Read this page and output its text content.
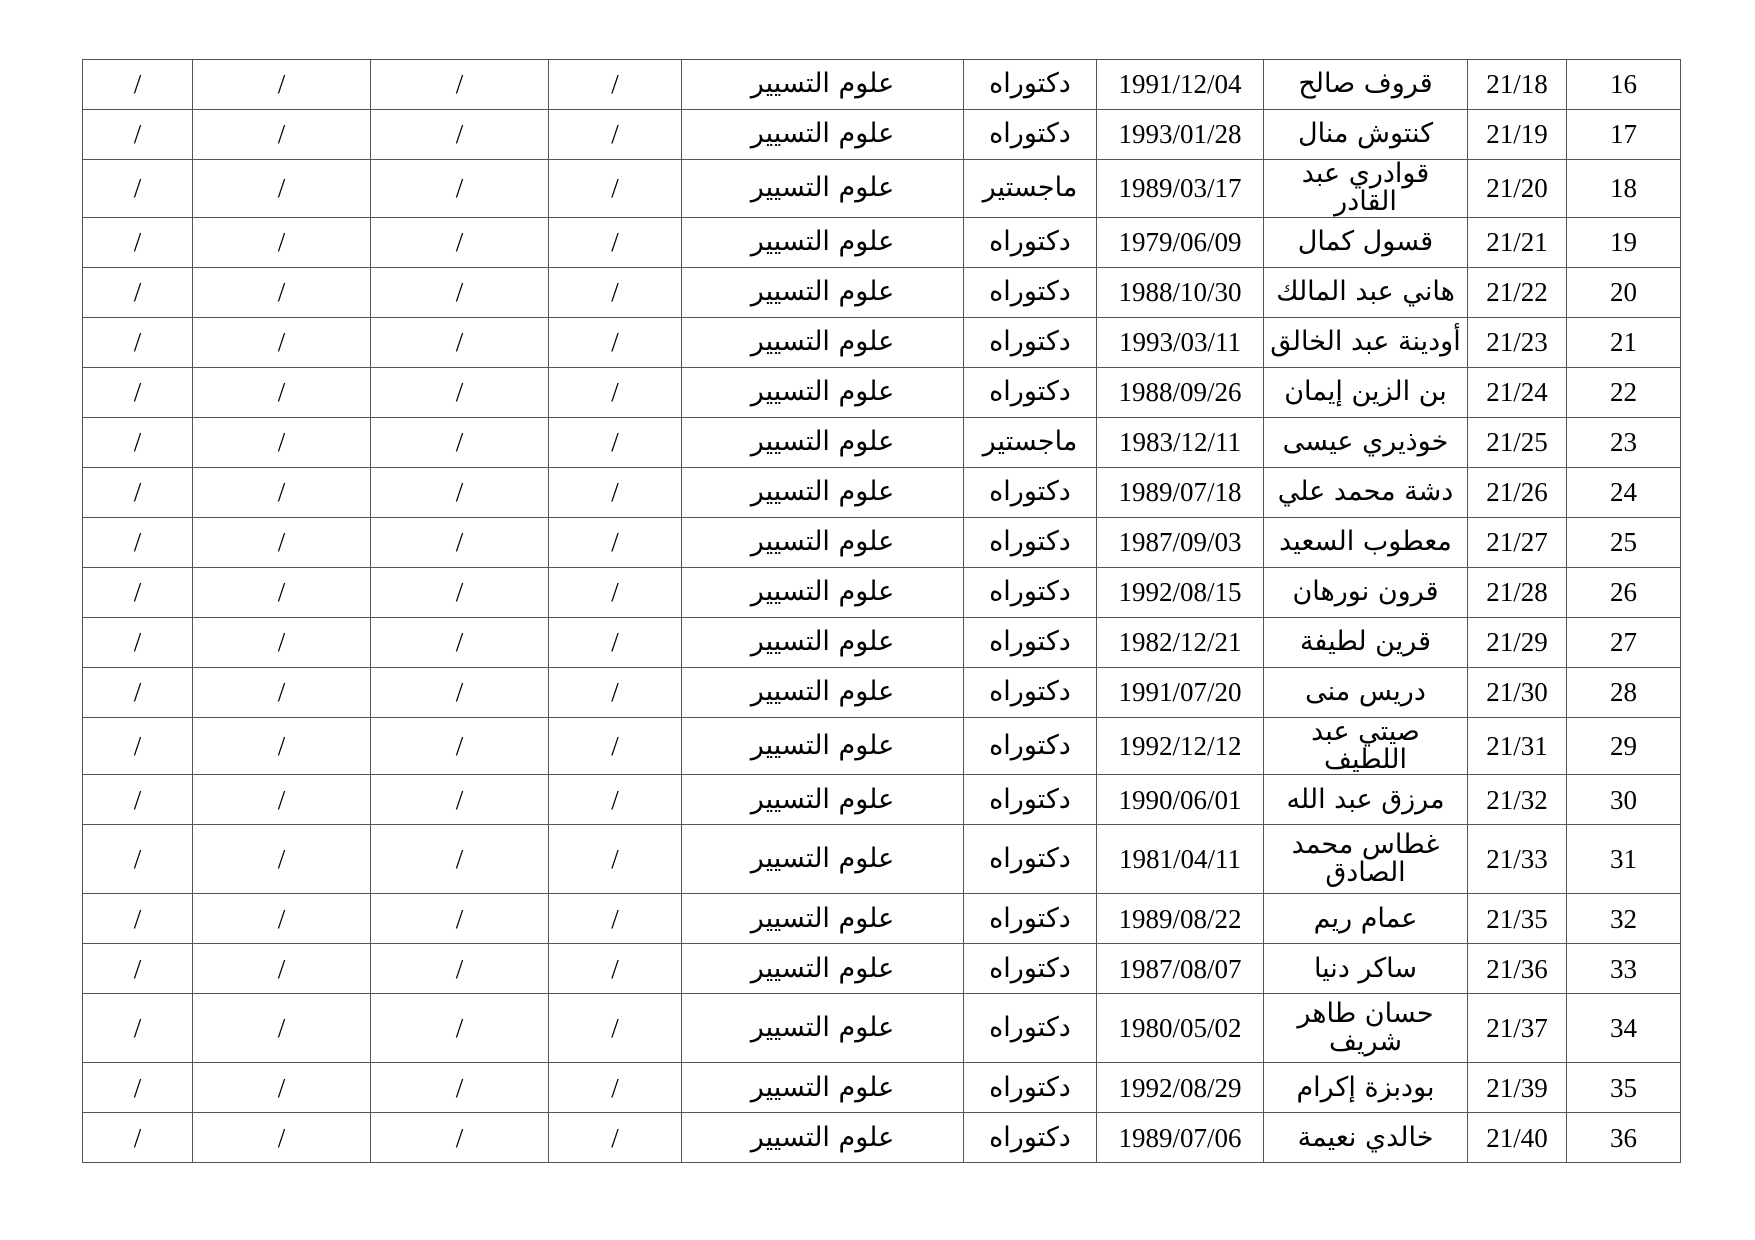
/	/	/	/	علوم التسيير	دكتوراه	1991/12/04	قروف صالح	21/18	16
/	/	/	/	علوم التسيير	دكتوراه	1993/01/28	كنتوش منال	21/19	17
/	/	/	/	علوم التسيير	ماجستير	1989/03/17	قوادري عبد القادر	21/20	18
/	/	/	/	علوم التسيير	دكتوراه	1979/06/09	قسول كمال	21/21	19
/	/	/	/	علوم التسيير	دكتوراه	1988/10/30	هاني عبد المالك	21/22	20
/	/	/	/	علوم التسيير	دكتوراه	1993/03/11	أودينة عبد الخالق	21/23	21
/	/	/	/	علوم التسيير	دكتوراه	1988/09/26	بن الزين إيمان	21/24	22
/	/	/	/	علوم التسيير	ماجستير	1983/12/11	خوذيري عيسى	21/25	23
/	/	/	/	علوم التسيير	دكتوراه	1989/07/18	دشة محمد علي	21/26	24
/	/	/	/	علوم التسيير	دكتوراه	1987/09/03	معطوب السعيد	21/27	25
/	/	/	/	علوم التسيير	دكتوراه	1992/08/15	قرون نورهان	21/28	26
/	/	/	/	علوم التسيير	دكتوراه	1982/12/21	قرين لطيفة	21/29	27
/	/	/	/	علوم التسيير	دكتوراه	1991/07/20	دريس منى	21/30	28
/	/	/	/	علوم التسيير	دكتوراه	1992/12/12	صيتي عبد اللطيف	21/31	29
/	/	/	/	علوم التسيير	دكتوراه	1990/06/01	مرزق عبد الله	21/32	30
/	/	/	/	علوم التسيير	دكتوراه	1981/04/11	غطاس محمد الصادق	21/33	31
/	/	/	/	علوم التسيير	دكتوراه	1989/08/22	عمام ريم	21/35	32
/	/	/	/	علوم التسيير	دكتوراه	1987/08/07	ساكر دنيا	21/36	33
/	/	/	/	علوم التسيير	دكتوراه	1980/05/02	حسان طاهر شريف	21/37	34
/	/	/	/	علوم التسيير	دكتوراه	1992/08/29	بودبزة إكرام	21/39	35
/	/	/	/	علوم التسيير	دكتوراه	1989/07/06	خالدي نعيمة	21/40	36
